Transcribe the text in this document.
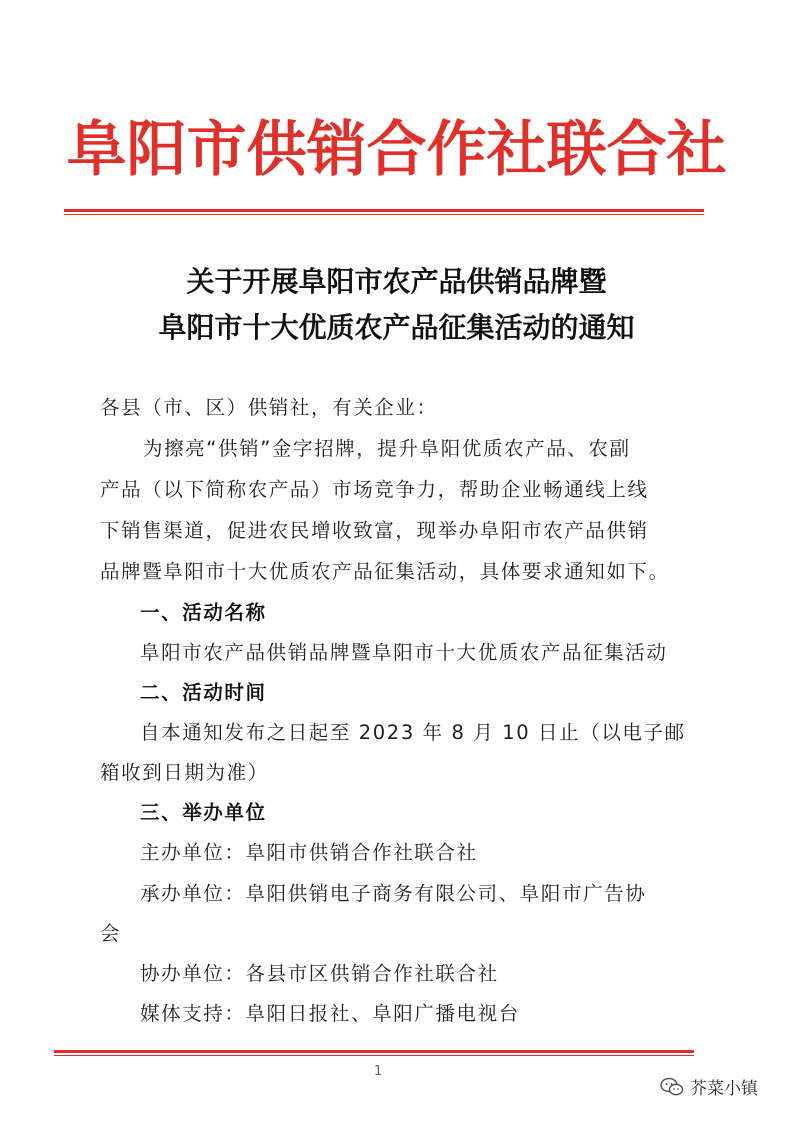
阜阳市供销合作社联合社
关于开展阜阳市农产品供销品牌暨
阜阳市十大优质农产品征集活动的通知
各县（市、区）供销社，有关企业：
为擦亮“供销”金字招牌，提升阜阳优质农产品、农副
产品（以下简称农产品）市场竞争力，帮助企业畅通线上线
下销售渠道，促进农民增收致富，现举办阜阳市农产品供销
品牌暨阜阳市十大优质农产品征集活动，具体要求通知如下。
一、活动名称
阜阳市农产品供销品牌暨阜阳市十大优质农产品征集活动
二、活动时间
自本通知发布之日起至 2023 年 8 月 10 日止（以电子邮
箱收到日期为准）
三、举办单位
主办单位：阜阳市供销合作社联合社
承办单位：阜阳供销电子商务有限公司、阜阳市广告协
会
协办单位：各县市区供销合作社联合社
媒体支持：阜阳日报社、阜阳广播电视台
1
芥菜小镇
